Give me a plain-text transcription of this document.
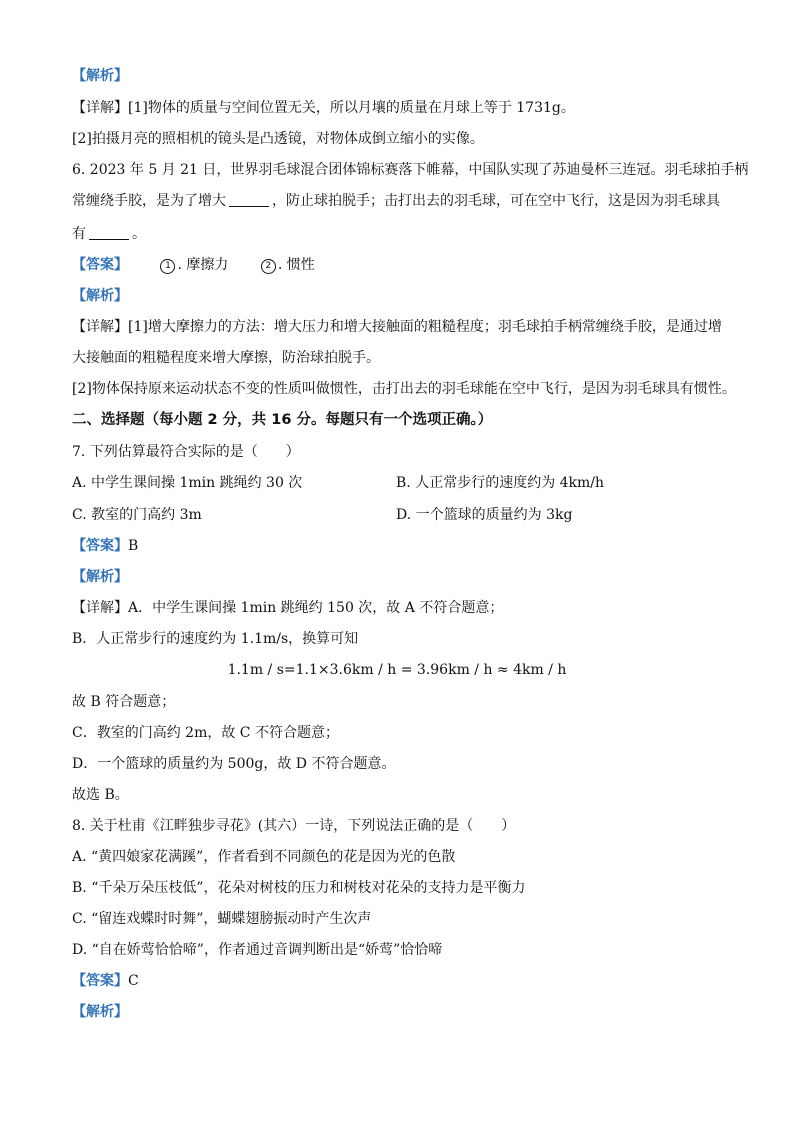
【解析】
【详解】[1]物体的质量与空间位置无关，所以月壤的质量在月球上等于 1731g。
[2]拍摄月亮的照相机的镜头是凸透镜，对物体成倒立缩小的实像。
6. 2023 年 5 月 21 日，世界羽毛球混合团体锦标赛落下帷幕，中国队实现了苏迪曼杯三连冠。羽毛球拍手柄
常缠绕手胶，是为了增大	，防止球拍脱手；击打出去的羽毛球，可在空中飞行，这是因为羽毛球具
有	。
【答案】	1 . 摩擦力	2 . 惯性
【解析】
【详解】[1]增大摩擦力的方法：增大压力和增大接触面的粗糙程度；羽毛球拍手柄常缠绕手胶，是通过增
大接触面的粗糙程度来增大摩擦，防治球拍脱手。
[2]物体保持原来运动状态不变的性质叫做惯性，击打出去的羽毛球能在空中飞行，是因为羽毛球具有惯性。
二、选择题（每小题 2 分，共 16 分。每题只有一个选项正确。）
7. 下列估算最符合实际的是（　　）
A. 中学生课间操 1min 跳绳约 30 次	B. 人正常步行的速度约为 4km/h
C. 教室的门高约 3m	D. 一个篮球的质量约为 3kg
【答案】B
【解析】
【详解】A．中学生课间操 1min 跳绳约 150 次，故 A 不符合题意；
B．人正常步行的速度约为 1.1m/s，换算可知
1.1m / s=1.1×3.6km / h = 3.96km / h ≈ 4km / h
故 B 符合题意；
C．教室的门高约 2m，故 C 不符合题意；
D．一个篮球的质量约为 500g，故 D 不符合题意。
故选 B。
8. 关于杜甫《江畔独步寻花》(其六）一诗，下列说法正确的是（　　）
A. “黄四娘家花满蹊”，作者看到不同颜色的花是因为光的色散
B. “千朵万朵压枝低”，花朵对树枝的压力和树枝对花朵的支持力是平衡力
C. “留连戏蝶时时舞”，蝴蝶翅膀振动时产生次声
D. “自在娇莺恰恰啼”，作者通过音调判断出是“娇莺”恰恰啼
【答案】C
【解析】
